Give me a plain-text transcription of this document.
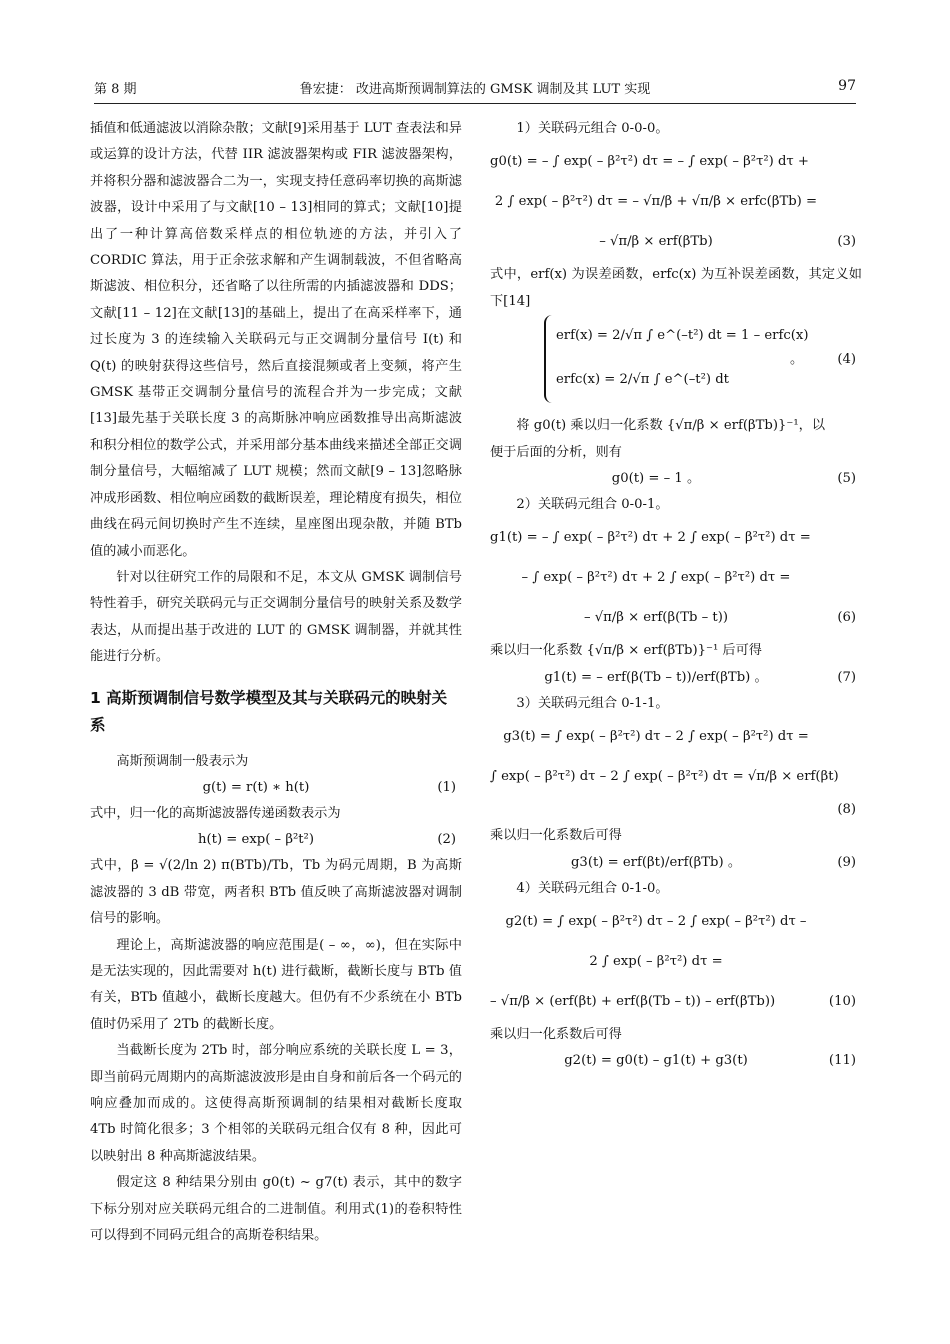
第 8 期	鲁宏捷： 改进高斯预调制算法的 GMSK 调制及其 LUT 实现	97

插值和低通滤波以消除杂散；文献[9]采用基于 LUT 查表法和异或运算的设计方法，代替 IIR 滤波器架构或 FIR 滤波器架构，并将积分器和滤波器合二为一，实现支持任意码率切换的高斯滤波器，设计中采用了与文献[10 – 13]相同的算式；文献[10]提出了一种计算高倍数采样点的相位轨迹的方法，并引入了 CORDIC 算法，用于正余弦求解和产生调制载波，不但省略高斯滤波、相位积分，还省略了以往所需的内插滤波器和 DDS；文献[11 – 12]在文献[13]的基础上，提出了在高采样率下，通过长度为 3 的连续输入关联码元与正交调制分量信号 I(t) 和 Q(t) 的映射获得这些信号，然后直接混频或者上变频，将产生 GMSK 基带正交调制分量信号的流程合并为一步完成；文献[13]最先基于关联长度 3 的高斯脉冲响应函数推导出高斯滤波和积分相位的数学公式，并采用部分基本曲线来描述全部正交调制分量信号，大幅缩减了 LUT 规模；然而文献[9 – 13]忽略脉冲成形函数、相位响应函数的截断误差，理论精度有损失，相位曲线在码元间切换时产生不连续，星座图出现杂散，并随 BTb 值的减小而恶化。

针对以往研究工作的局限和不足，本文从 GMSK 调制信号特性着手，研究关联码元与正交调制分量信号的映射关系及数学表达，从而提出基于改进的 LUT 的 GMSK 调制器，并就其性能进行分析。

1 高斯预调制信号数学模型及其与关联码元的映射关系

高斯预调制一般表示为

g(t) = r(t) ∗ h(t)	(1)

式中，归一化的高斯滤波器传递函数表示为

h(t) = exp( – β²t²)	(2)

式中，β = √(2/ln 2) π(BTb)/Tb，Tb 为码元周期，B 为高斯滤波器的 3 dB 带宽，两者积 BTb 值反映了高斯滤波器对调制信号的影响。

理论上，高斯滤波器的响应范围是( – ∞，∞)，但在实际中是无法实现的，因此需要对 h(t) 进行截断，截断长度与 BTb 值有关，BTb 值越小，截断长度越大。但仍有不少系统在小 BTb 值时仍采用了 2Tb 的截断长度。

当截断长度为 2Tb 时，部分响应系统的关联长度 L = 3，即当前码元周期内的高斯滤波波形是由自身和前后各一个码元的响应叠加而成的。这使得高斯预调制的结果相对截断长度取 4Tb 时简化很多；3 个相邻的关联码元组合仅有 8 种，因此可以映射出 8 种高斯滤波结果。

假定这 8 种结果分别由 g0(t) ~ g7(t) 表示，其中的数字下标分别对应关联码元组合的二进制值。利用式(1)的卷积特性可以得到不同码元组合的高斯卷积结果。

1）关联码元组合 0-0-0。

g0(t) = – ∫ exp( – β²τ²) dτ = – ∫ exp( – β²τ²) dτ +
2 ∫ exp( – β²τ²) dτ = – √π/β + √π/β × erfc(βTb) =
– √π/β × erf(βTb)	(3)

式中，erf(x) 为误差函数，erfc(x) 为互补误差函数，其定义如下[14]

erf(x) = 2/√π ∫ e^(–t²) dt = 1 – erfc(x)
erfc(x) = 2/√π ∫ e^(–t²) dt
。	(4)

将 g0(t) 乘以归一化系数 {√π/β × erf(βTb)}⁻¹，以

便于后面的分析，则有

g0(t) = – 1 。	(5)

2）关联码元组合 0-0-1。

g1(t) = – ∫ exp( – β²τ²) dτ + 2 ∫ exp( – β²τ²) dτ =
– ∫ exp( – β²τ²) dτ + 2 ∫ exp( – β²τ²) dτ =
– √π/β × erf(β(Tb – t))	(6)

乘以归一化系数 {√π/β × erf(βTb)}⁻¹ 后可得

g1(t) = – erf(β(Tb – t))/erf(βTb) 。	(7)

3）关联码元组合 0-1-1。

g3(t) = ∫ exp( – β²τ²) dτ – 2 ∫ exp( – β²τ²) dτ =
∫ exp( – β²τ²) dτ – 2 ∫ exp( – β²τ²) dτ = √π/β × erf(βt)
(8)

乘以归一化系数后可得

g3(t) = erf(βt)/erf(βTb) 。	(9)

4）关联码元组合 0-1-0。

g2(t) = ∫ exp( – β²τ²) dτ – 2 ∫ exp( – β²τ²) dτ –
2 ∫ exp( – β²τ²) dτ =
– √π/β × (erf(βt) + erf(β(Tb – t)) – erf(βTb))	(10)

乘以归一化系数后可得

g2(t) = g0(t) – g1(t) + g3(t)	(11)
